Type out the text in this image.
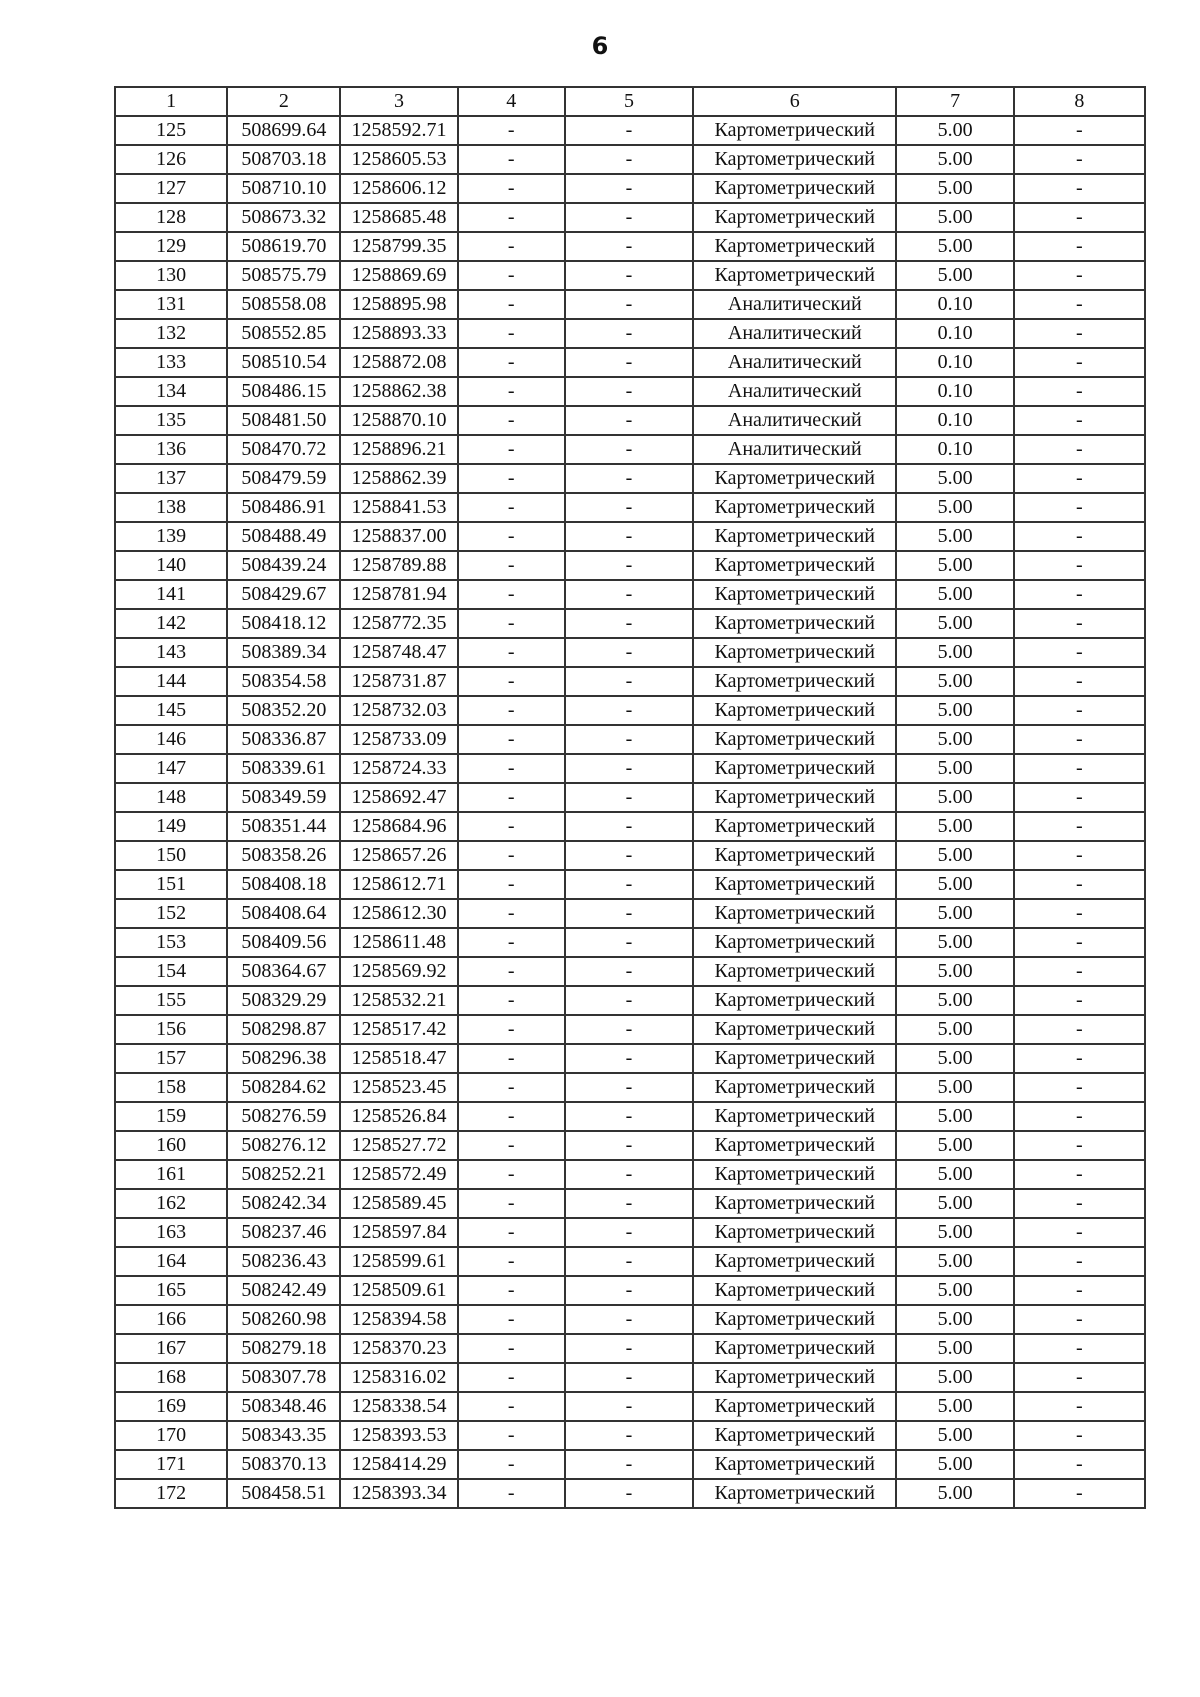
6
1	2	3	4	5	6	7	8
125	508699.64	1258592.71	-	-	Картометрический	5.00	-
126	508703.18	1258605.53	-	-	Картометрический	5.00	-
127	508710.10	1258606.12	-	-	Картометрический	5.00	-
128	508673.32	1258685.48	-	-	Картометрический	5.00	-
129	508619.70	1258799.35	-	-	Картометрический	5.00	-
130	508575.79	1258869.69	-	-	Картометрический	5.00	-
131	508558.08	1258895.98	-	-	Аналитический	0.10	-
132	508552.85	1258893.33	-	-	Аналитический	0.10	-
133	508510.54	1258872.08	-	-	Аналитический	0.10	-
134	508486.15	1258862.38	-	-	Аналитический	0.10	-
135	508481.50	1258870.10	-	-	Аналитический	0.10	-
136	508470.72	1258896.21	-	-	Аналитический	0.10	-
137	508479.59	1258862.39	-	-	Картометрический	5.00	-
138	508486.91	1258841.53	-	-	Картометрический	5.00	-
139	508488.49	1258837.00	-	-	Картометрический	5.00	-
140	508439.24	1258789.88	-	-	Картометрический	5.00	-
141	508429.67	1258781.94	-	-	Картометрический	5.00	-
142	508418.12	1258772.35	-	-	Картометрический	5.00	-
143	508389.34	1258748.47	-	-	Картометрический	5.00	-
144	508354.58	1258731.87	-	-	Картометрический	5.00	-
145	508352.20	1258732.03	-	-	Картометрический	5.00	-
146	508336.87	1258733.09	-	-	Картометрический	5.00	-
147	508339.61	1258724.33	-	-	Картометрический	5.00	-
148	508349.59	1258692.47	-	-	Картометрический	5.00	-
149	508351.44	1258684.96	-	-	Картометрический	5.00	-
150	508358.26	1258657.26	-	-	Картометрический	5.00	-
151	508408.18	1258612.71	-	-	Картометрический	5.00	-
152	508408.64	1258612.30	-	-	Картометрический	5.00	-
153	508409.56	1258611.48	-	-	Картометрический	5.00	-
154	508364.67	1258569.92	-	-	Картометрический	5.00	-
155	508329.29	1258532.21	-	-	Картометрический	5.00	-
156	508298.87	1258517.42	-	-	Картометрический	5.00	-
157	508296.38	1258518.47	-	-	Картометрический	5.00	-
158	508284.62	1258523.45	-	-	Картометрический	5.00	-
159	508276.59	1258526.84	-	-	Картометрический	5.00	-
160	508276.12	1258527.72	-	-	Картометрический	5.00	-
161	508252.21	1258572.49	-	-	Картометрический	5.00	-
162	508242.34	1258589.45	-	-	Картометрический	5.00	-
163	508237.46	1258597.84	-	-	Картометрический	5.00	-
164	508236.43	1258599.61	-	-	Картометрический	5.00	-
165	508242.49	1258509.61	-	-	Картометрический	5.00	-
166	508260.98	1258394.58	-	-	Картометрический	5.00	-
167	508279.18	1258370.23	-	-	Картометрический	5.00	-
168	508307.78	1258316.02	-	-	Картометрический	5.00	-
169	508348.46	1258338.54	-	-	Картометрический	5.00	-
170	508343.35	1258393.53	-	-	Картометрический	5.00	-
171	508370.13	1258414.29	-	-	Картометрический	5.00	-
172	508458.51	1258393.34	-	-	Картометрический	5.00	-
